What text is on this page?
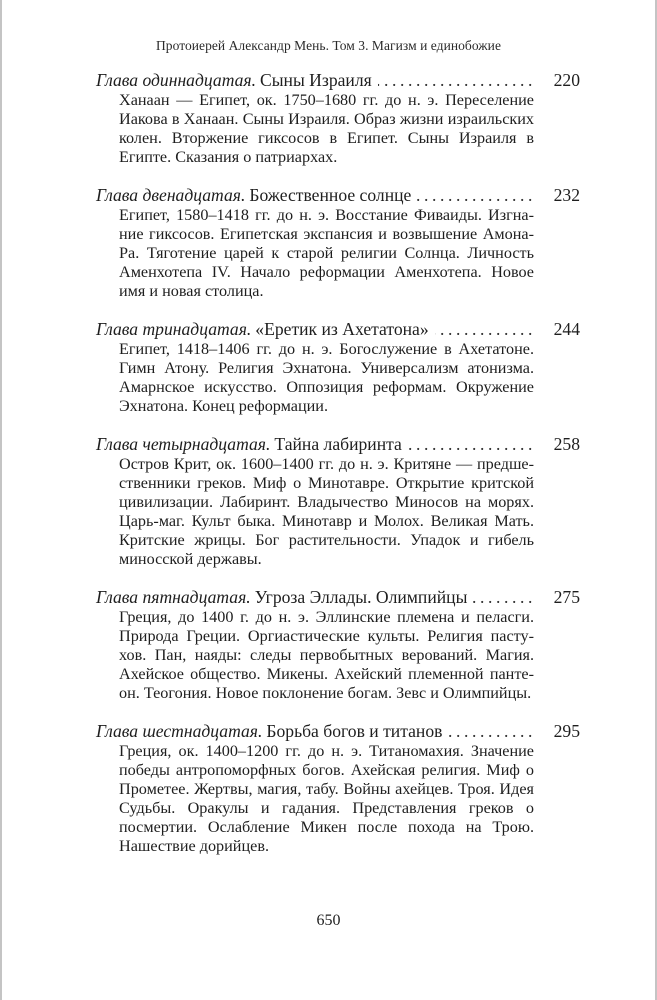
Протоиерей Александр Мень. Том 3. Магизм и единобожие
Глава одиннадцатая. Сыны Израиля . . .	220
Ханаан — Египет, ок. 1750–1680 гг. до н. э. Переселение Иакова в Ханаан. Сыны Израиля. Образ жизни израильских колен. Вторжение гиксосов в Египет. Сыны Израиля в Египте. Сказания о патриархах.
Глава двенадцатая. Божественное солнце . . .	232
Египет, 1580–1418 гг. до н. э. Восстание Фиваиды. Изгнание гиксосов. Египетская экспансия и возвышение Амона-Ра. Тяготение царей к старой религии Солнца. Личность Аменхотепа IV. Начало реформации Аменхотепа. Новое имя и новая столица.
Глава тринадцатая. «Еретик из Ахетатона» . . .	244
Египет, 1418–1406 гг. до н. э. Богослужение в Ахетатоне. Гимн Атону. Религия Эхнатона. Универсализм атонизма. Амарнское искусство. Оппозиция реформам. Окружение Эхнатона. Конец реформации.
Глава четырнадцатая. Тайна лабиринта . . .	258
Остров Крит, ок. 1600–1400 гг. до н. э. Критяне — предшественники греков. Миф о Минотавре. Открытие критской цивилизации. Лабиринт. Владычество Миносов на морях. Царь-маг. Культ быка. Минотавр и Молох. Великая Мать. Критские жрицы. Бог растительности. Упадок и гибель миносской державы.
Глава пятнадцатая. Угроза Эллады. Олимпийцы . . .	275
Греция, до 1400 г. до н. э. Эллинские племена и пеласги. Природа Греции. Оргиастические культы. Религия пастухов. Пан, наяды: следы первобытных верований. Магия. Ахейское общество. Микены. Ахейский племенной пантеон. Теогония. Новое поклонение богам. Зевс и Олимпийцы.
Глава шестнадцатая. Борьба богов и титанов . . .	295
Греция, ок. 1400–1200 гг. до н. э. Титаномахия. Значение победы антропоморфных богов. Ахейская религия. Миф о Прометее. Жертвы, магия, табу. Войны ахейцев. Троя. Идея Судьбы. Оракулы и гадания. Представления греков о посмертии. Ослабление Микен после похода на Трою. Нашествие дорийцев.
650
